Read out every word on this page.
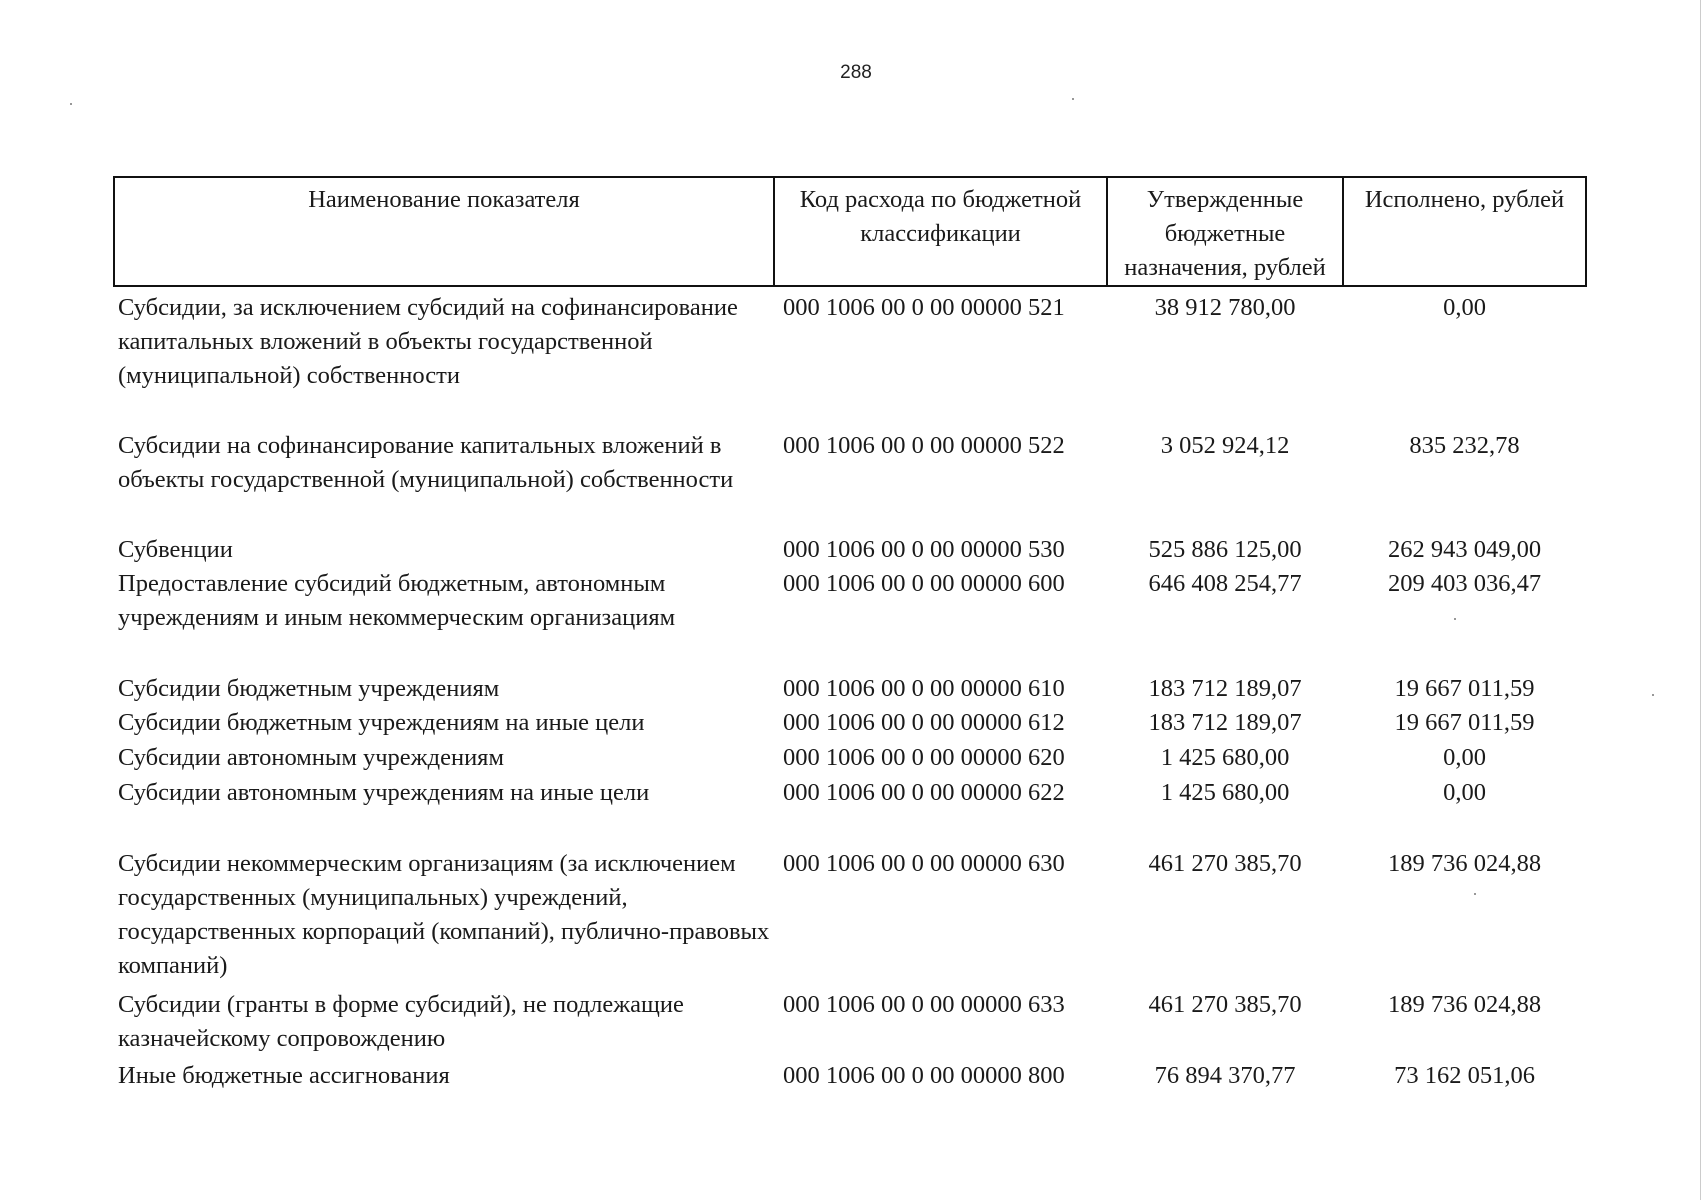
288
Наименование показателя	Код расхода по бюджетной классификации	Утвержденные бюджетные назначения, рублей	Исполнено, рублей
Субсидии, за исключением субсидий на софинансирование капитальных вложений в объекты государственной (муниципальной) собственности	000 1006 00 0 00 00000 521	38 912 780,00	0,00
Субсидии на софинансирование капитальных вложений в объекты государственной (муниципальной) собственности	000 1006 00 0 00 00000 522	3 052 924,12	835 232,78
Субвенции	000 1006 00 0 00 00000 530	525 886 125,00	262 943 049,00
Предоставление субсидий бюджетным, автономным учреждениям и иным некоммерческим организациям	000 1006 00 0 00 00000 600	646 408 254,77	209 403 036,47
Субсидии бюджетным учреждениям	000 1006 00 0 00 00000 610	183 712 189,07	19 667 011,59
Субсидии бюджетным учреждениям на иные цели	000 1006 00 0 00 00000 612	183 712 189,07	19 667 011,59
Субсидии автономным учреждениям	000 1006 00 0 00 00000 620	1 425 680,00	0,00
Субсидии автономным учреждениям на иные цели	000 1006 00 0 00 00000 622	1 425 680,00	0,00
Субсидии некоммерческим организациям (за исключением государственных (муниципальных) учреждений, государственных корпораций (компаний), публично-правовых компаний)	000 1006 00 0 00 00000 630	461 270 385,70	189 736 024,88
Субсидии (гранты в форме субсидий), не подлежащие казначейскому сопровождению	000 1006 00 0 00 00000 633	461 270 385,70	189 736 024,88
Иные бюджетные ассигнования	000 1006 00 0 00 00000 800	76 894 370,77	73 162 051,06
